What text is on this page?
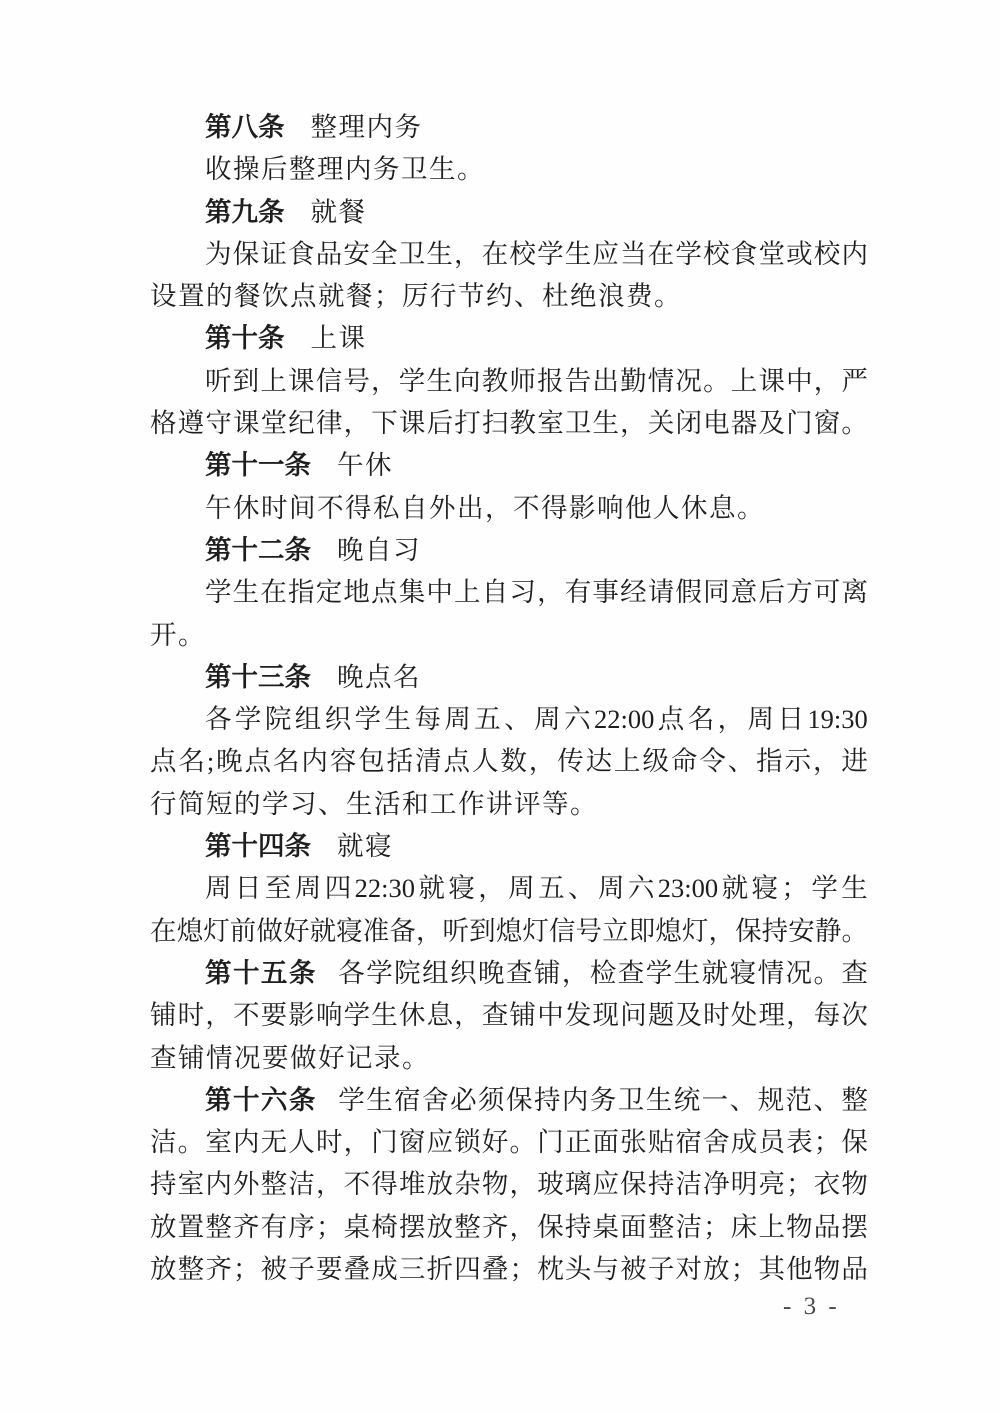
第八条 整理内务
收操后整理内务卫生。
第九条 就餐
为 保 证 食 品 安 全 卫 生 ， 在 校 学 生 应 当 在 学 校 食 堂 或 校 内
设置的餐饮点就餐；厉行节约、杜绝浪费。
第十条 上课
听 到 上 课 信 号 ， 学 生 向 教 师 报 告 出 勤 情 况 。 上 课 中 ， 严
格 遵 守 课 堂 纪 律 ， 下 课 后 打 扫 教 室 卫 生 ， 关 闭 电 器 及 门 窗 。
第十一条 午休
午休时间不得私自外出，不得影响他人休息。
第十二条 晚自习
学 生 在 指 定 地 点 集 中 上 自 习 ， 有 事 经 请 假 同 意 后 方 可 离
开。
第十三条 晚点名
各 学 院 组 织 学 生 每 周 五 、 周 六 22:00 点 名 ， 周 日 19:30
点 名 ; 晚 点 名 内 容 包 括 清 点 人 数 ， 传 达 上 级 命 令 、 指 示 ， 进
行简短的学习、生活和工作讲评等。
第十四条 就寝
周 日 至 周 四 22:30 就 寝 ， 周 五 、 周 六 23:00 就 寝 ； 学 生
在 熄 灯 前 做 好 就 寝 准 备 ， 听 到 熄 灯 信 号 立 即 熄 灯 ， 保 持 安 静 。
第 十 五 条 各 学 院 组 织 晚 查 铺 ， 检 查 学 生 就 寝 情 况 。 查
铺 时 ， 不 要 影 响 学 生 休 息 ， 查 铺 中 发 现 问 题 及 时 处 理 ， 每 次
查铺情况要做好记录。
第 十 六 条 学 生 宿 舍 必 须 保 持 内 务 卫 生 统 一 、 规 范 、 整
洁 。 室 内 无 人 时 ， 门 窗 应 锁 好 。 门 正 面 张 贴 宿 舍 成 员 表 ； 保
持 室 内 外 整 洁 ， 不 得 堆 放 杂 物 ， 玻 璃 应 保 持 洁 净 明 亮 ； 衣 物
放 置 整 齐 有 序 ； 桌 椅 摆 放 整 齐 ， 保 持 桌 面 整 洁 ； 床 上 物 品 摆
放 整 齐 ； 被 子 要 叠 成 三 折 四 叠 ； 枕 头 与 被 子 对 放 ； 其 他 物 品
- 3 -
